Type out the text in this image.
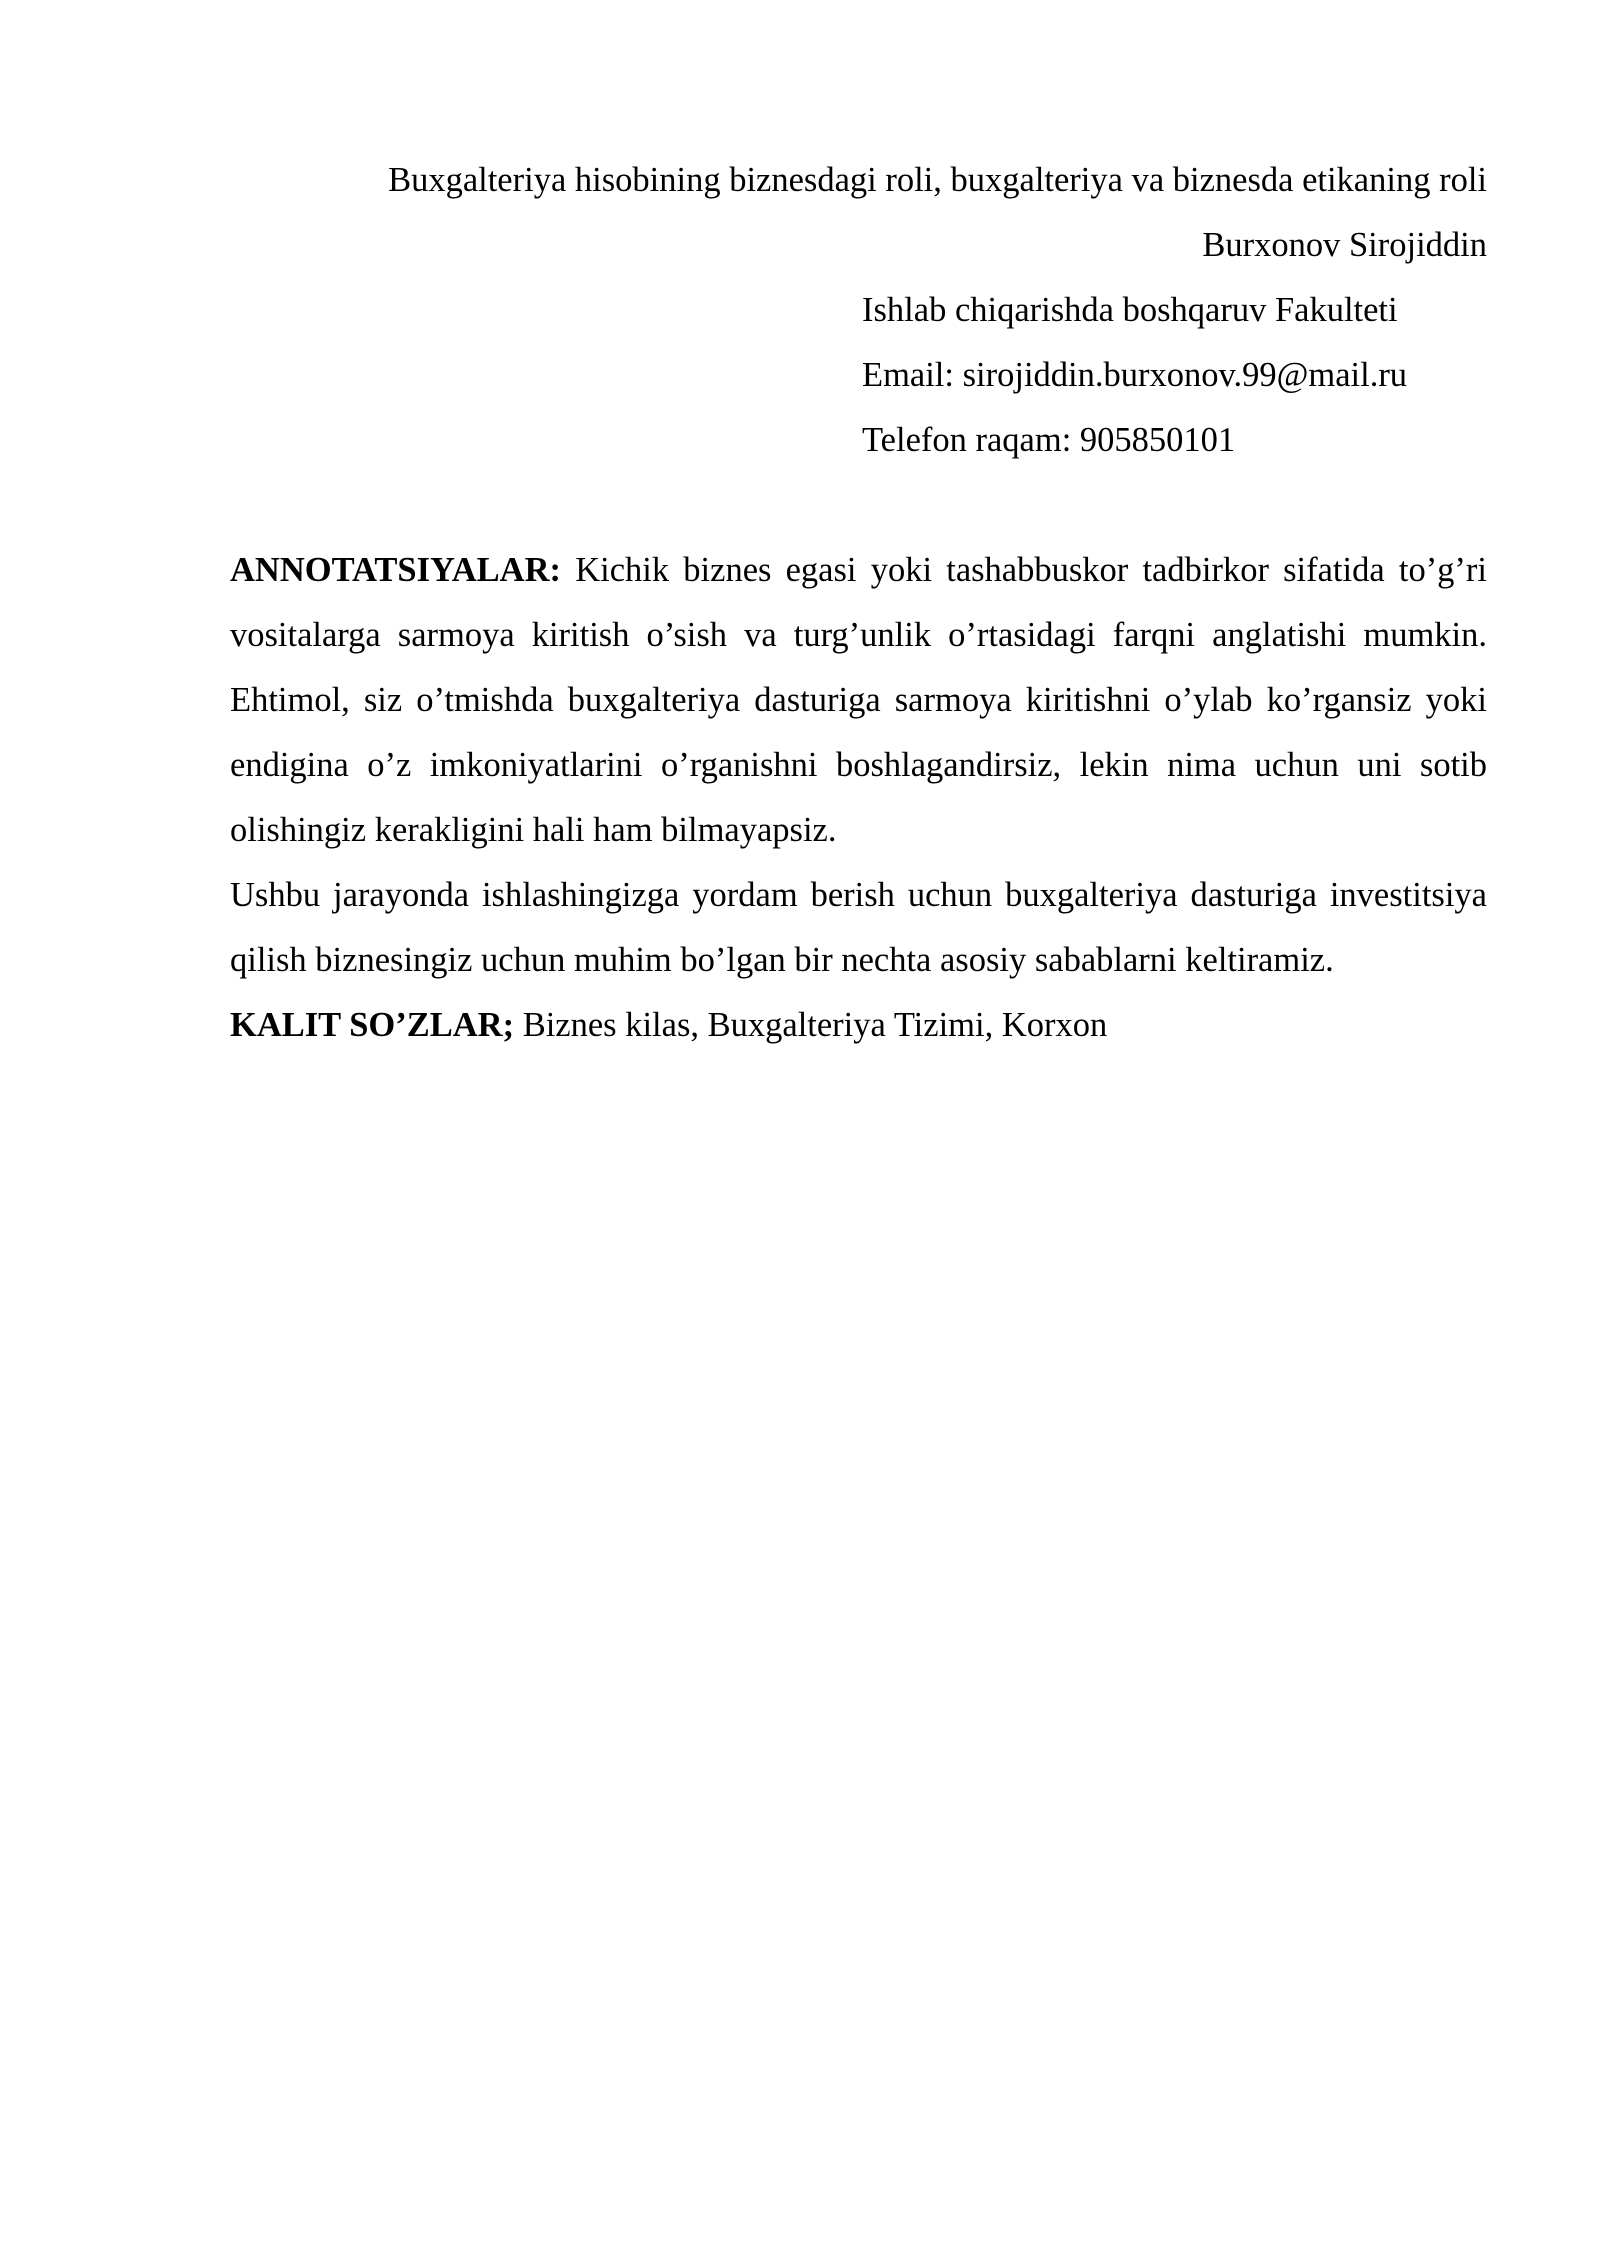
Buxgalteriya hisobining biznesdagi roli, buxgalteriya va biznesda etikaning roli

Burxonov Sirojiddin

Ishlab chiqarishda boshqaruv Fakulteti

Email: sirojiddin.burxonov.99@mail.ru

Telefon raqam: 905850101

ANNOTATSIYALAR: Kichik biznes egasi yoki tashabbuskor tadbirkor sifatida to’g’ri vositalarga sarmoya kiritish o’sish va turg’unlik o’rtasidagi farqni anglatishi mumkin. Ehtimol, siz o’tmishda buxgalteriya dasturiga sarmoya kiritishni o’ylab ko’rgansiz yoki endigina o’z imkoniyatlarini o’rganishni boshlagandirsiz, lekin nima uchun uni sotib olishingiz kerakligini hali ham bilmayapsiz.

Ushbu jarayonda ishlashingizga yordam berish uchun buxgalteriya dasturiga investitsiya qilish biznesingiz uchun muhim bo’lgan bir nechta asosiy sabablarni keltiramiz.

KALIT SO’ZLAR; Biznes kilas, Buxgalteriya Tizimi, Korxon
